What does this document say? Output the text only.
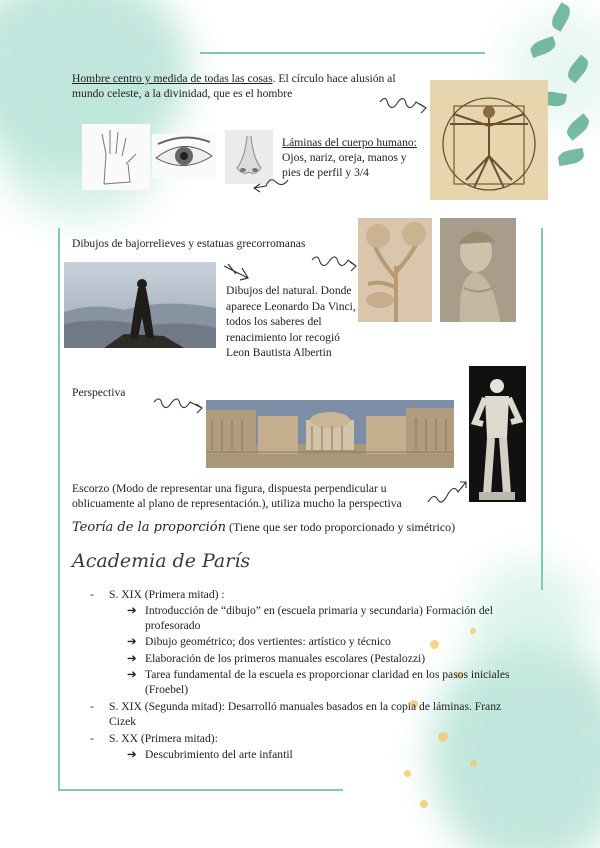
Hombre centro y medida de todas las cosas. El círculo hace alusión al mundo celeste, a la divinidad, que es el hombre
Láminas del cuerpo humano: Ojos, nariz, oreja, manos y pies de perfil y 3/4
Dibujos de bajorrelieves y estatuas grecorromanas
Dibujos del natural. Donde aparece Leonardo Da Vinci, todos los saberes del renacimiento lor recogió Leon Bautista Albertin
Perspectiva
Escorzo (Modo de representar una figura, dispuesta perpendicular u oblicuamente al plano de representación.), utiliza mucho la perspectiva
Teoría de la proporción (Tiene que ser todo proporcionado y simétrico)
Academia de París
- S. XIX (Primera mitad) :
➔ Introducción de “dibujo” en (escuela primaria y secundaria) Formación del profesorado
➔ Dibujo geométrico; dos vertientes: artístico y técnico
➔ Elaboración de los primeros manuales escolares (Pestalozzi)
➔ Tarea fundamental de la escuela es proporcionar claridad en los pasos iniciales (Froebel)
- S. XIX (Segunda mitad): Desarrolló manuales basados en la copia de láminas. Franz Cizek
- S. XX (Primera mitad):
➔ Descubrimiento del arte infantil
